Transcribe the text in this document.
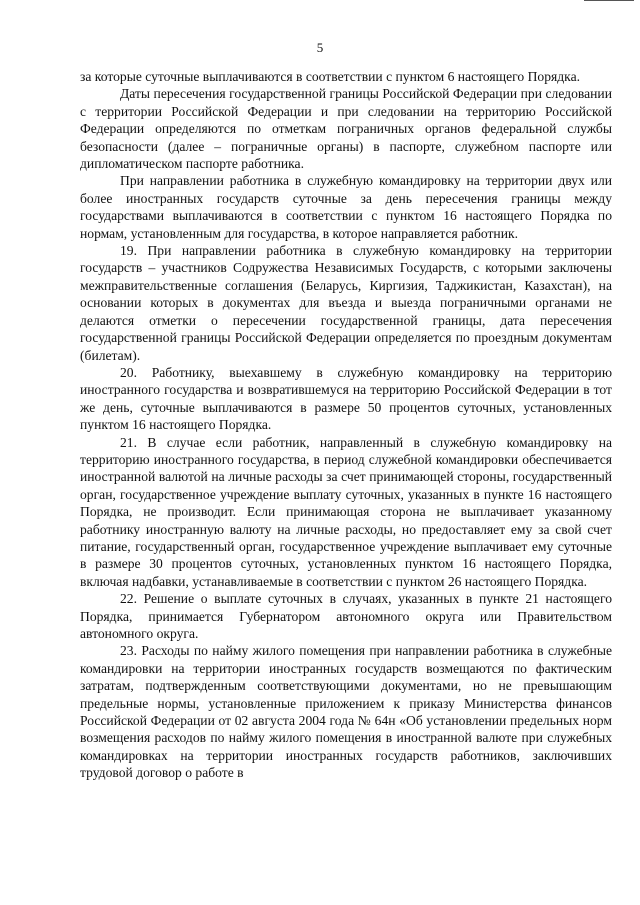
5

за которые суточные выплачиваются в соответствии с пунктом 6 настоящего Порядка.

Даты пересечения государственной границы Российской Федерации при следовании с территории Российской Федерации и при следовании на территорию Российской Федерации определяются по отметкам пограничных органов федеральной службы безопасности (далее – пограничные органы) в паспорте, служебном паспорте или дипломатическом паспорте работника.

При направлении работника в служебную командировку на территории двух или более иностранных государств суточные за день пересечения границы между государствами выплачиваются в соответствии с пунктом 16 настоящего Порядка по нормам, установленным для государства, в которое направляется работник.

19. При направлении работника в служебную командировку на территории государств – участников Содружества Независимых Государств, с которыми заключены межправительственные соглашения (Беларусь, Киргизия, Таджикистан, Казахстан), на основании которых в документах для въезда и выезда пограничными органами не делаются отметки о пересечении государственной границы, дата пересечения государственной границы Российской Федерации определяется по проездным документам (билетам).

20. Работнику, выехавшему в служебную командировку на территорию иностранного государства и возвратившемуся на территорию Российской Федерации в тот же день, суточные выплачиваются в размере 50 процентов суточных, установленных пунктом 16 настоящего Порядка.

21. В случае если работник, направленный в служебную командировку на территорию иностранного государства, в период служебной командировки обеспечивается иностранной валютой на личные расходы за счет принимающей стороны, государственный орган, государственное учреждение выплату суточных, указанных в пункте 16 настоящего Порядка, не производит. Если принимающая сторона не выплачивает указанному работнику иностранную валюту на личные расходы, но предоставляет ему за свой счет питание, государственный орган, государственное учреждение выплачивает ему суточные в размере 30 процентов суточных, установленных пунктом 16 настоящего Порядка, включая надбавки, устанавливаемые в соответствии с пунктом 26 настоящего Порядка.

22. Решение о выплате суточных в случаях, указанных в пункте 21 настоящего Порядка, принимается Губернатором автономного округа или Правительством автономного округа.

23. Расходы по найму жилого помещения при направлении работника в служебные командировки на территории иностранных государств возмещаются по фактическим затратам, подтвержденным соответствующими документами, но не превышающим предельные нормы, установленные приложением к приказу Министерства финансов Российской Федерации от 02 августа 2004 года № 64н «Об установлении предельных норм возмещения расходов по найму жилого помещения в иностранной валюте при служебных командировках на территории иностранных государств работников, заключивших трудовой договор о работе в
